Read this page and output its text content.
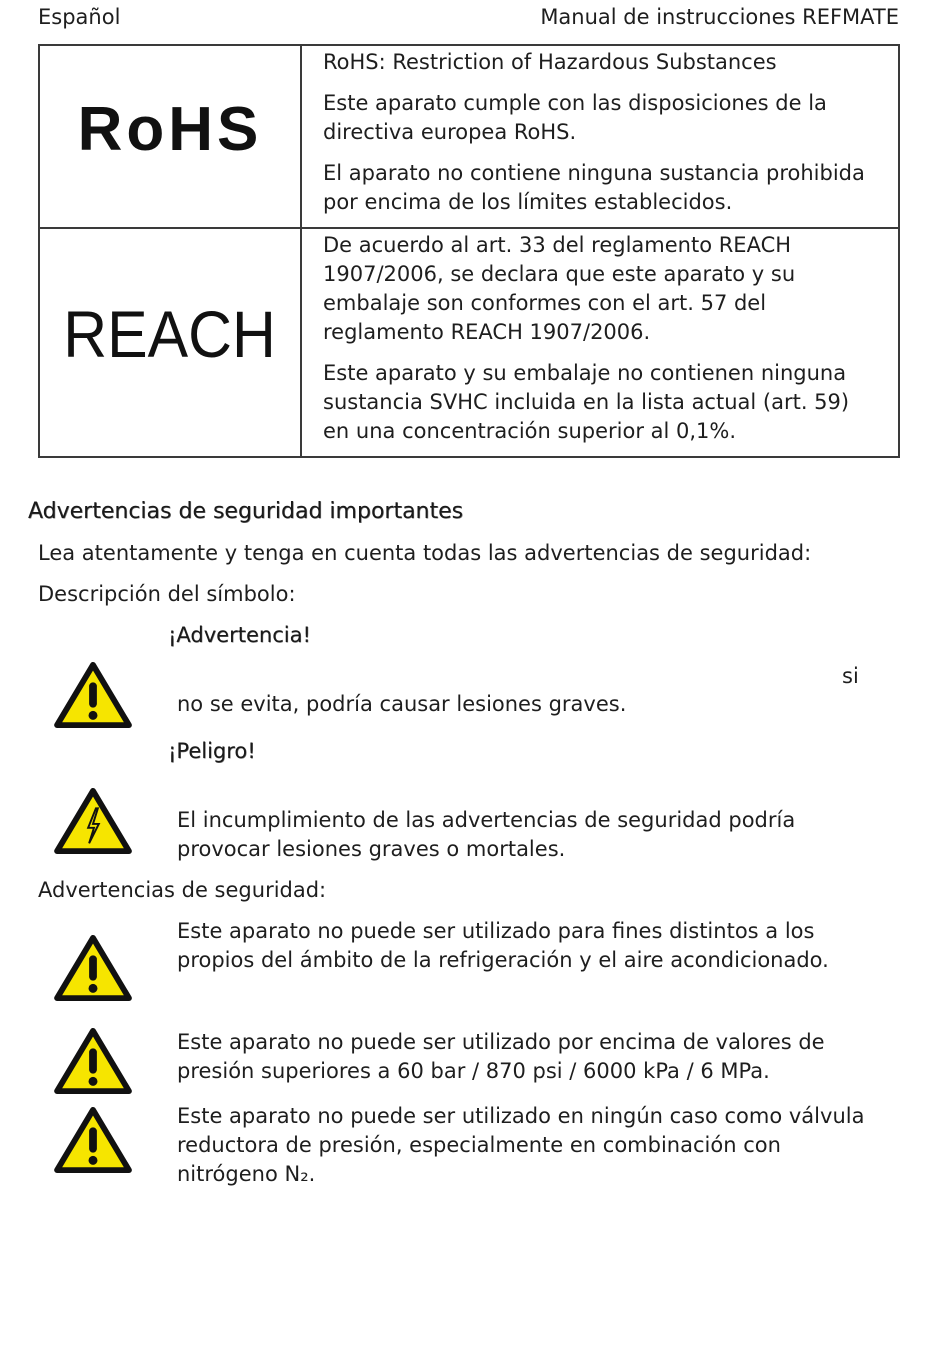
Español	Manual de instrucciones REFMATE
RoHS	RoHS: Restriction of Hazardous Substances

Este aparato cumple con las disposiciones de la directiva europea RoHS.

El aparato no contiene ninguna sustancia prohibida por encima de los límites establecidos.

REACH	De acuerdo al art. 33 del reglamento REACH 1907/2006, se declara que este aparato y su embalaje son conformes con el art. 57 del reglamento REACH 1907/2006.

Este aparato y su embalaje no contienen ninguna sustancia SVHC incluida en la lista actual (art. 59) en una concentración superior al 0,1%.

Advertencias de seguridad importantes
Lea atentamente y tenga en cuenta todas las advertencias de seguridad:
Descripción del símbolo:
¡Advertencia!
si
no se evita, podría causar lesiones graves.
¡Peligro!
El incumplimiento de las advertencias de seguridad podría provocar lesiones graves o mortales.
Advertencias de seguridad:
Este aparato no puede ser utilizado para fines distintos a los propios del ámbito de la refrigeración y el aire acondicionado.
Este aparato no puede ser utilizado por encima de valores de presión superiores a 60 bar / 870 psi / 6000 kPa / 6 MPa.
Este aparato no puede ser utilizado en ningún caso como válvula reductora de presión, especialmente en combinación con nitrógeno N₂.
